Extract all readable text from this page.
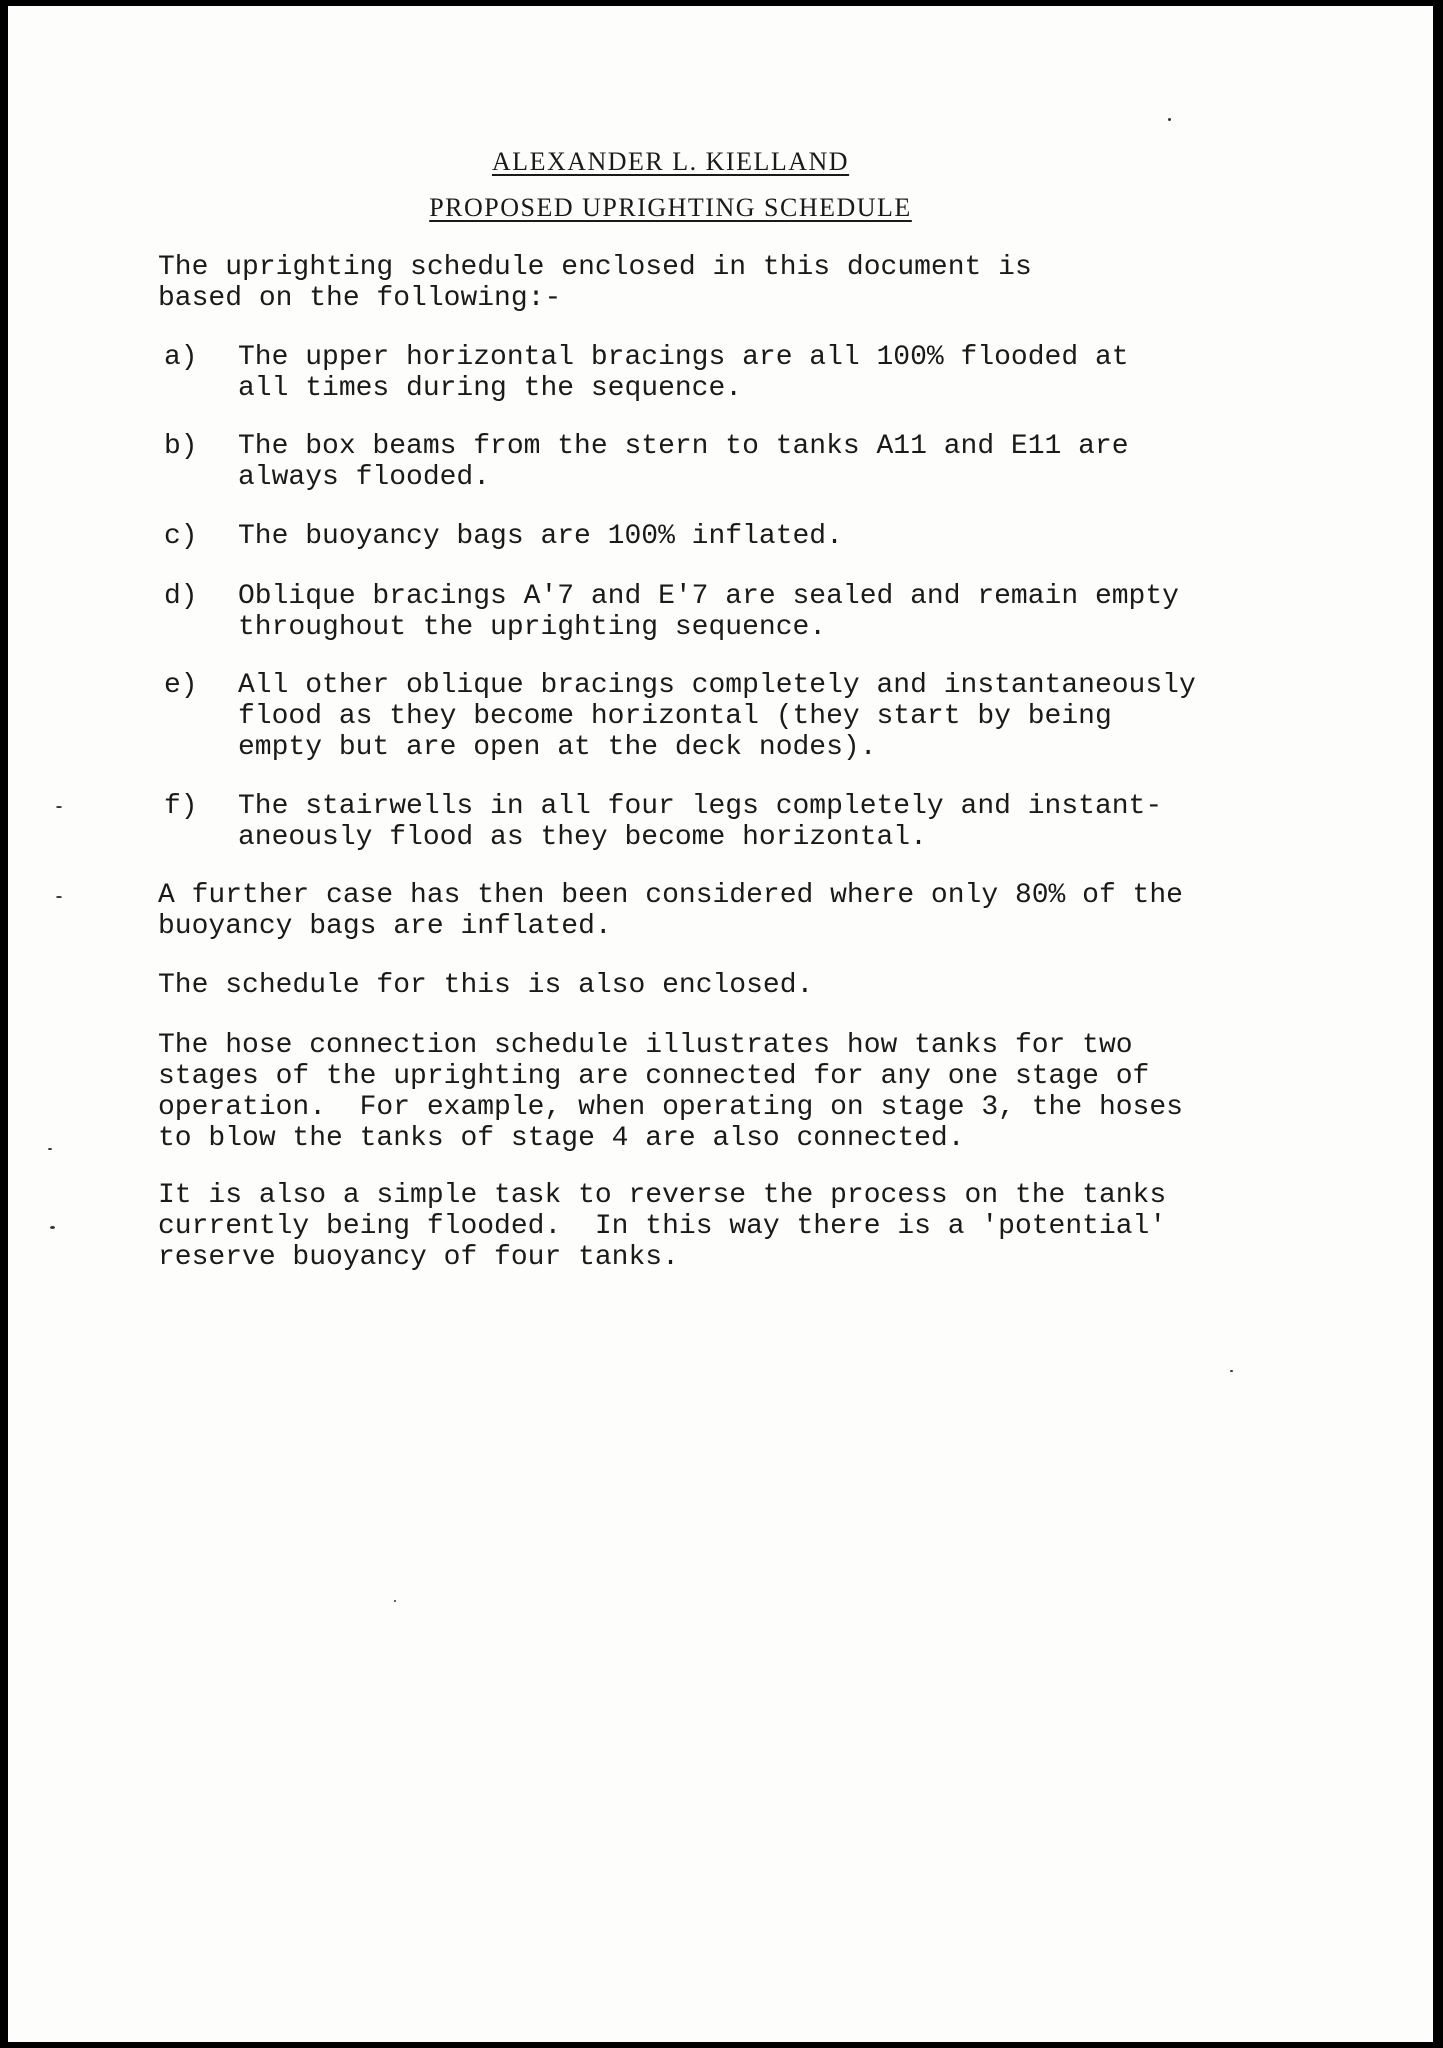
ALEXANDER L. KIELLAND
PROPOSED UPRIGHTING SCHEDULE
The uprighting schedule enclosed in this document is
based on the following:-
a) The upper horizontal bracings are all 100% flooded at
all times during the sequence.
b) The box beams from the stern to tanks A11 and E11 are
always flooded.
c) The buoyancy bags are 100% inflated.
d) Oblique bracings A'7 and E'7 are sealed and remain empty
throughout the uprighting sequence.
e) All other oblique bracings completely and instantaneously
flood as they become horizontal (they start by being
empty but are open at the deck nodes).
f) The stairwells in all four legs completely and instant-
aneously flood as they become horizontal.
A further case has then been considered where only 80% of the
buoyancy bags are inflated.
The schedule for this is also enclosed.
The hose connection schedule illustrates how tanks for two
stages of the uprighting are connected for any one stage of
operation.  For example, when operating on stage 3, the hoses
to blow the tanks of stage 4 are also connected.
It is also a simple task to reverse the process on the tanks
currently being flooded.  In this way there is a 'potential'
reserve buoyancy of four tanks.
